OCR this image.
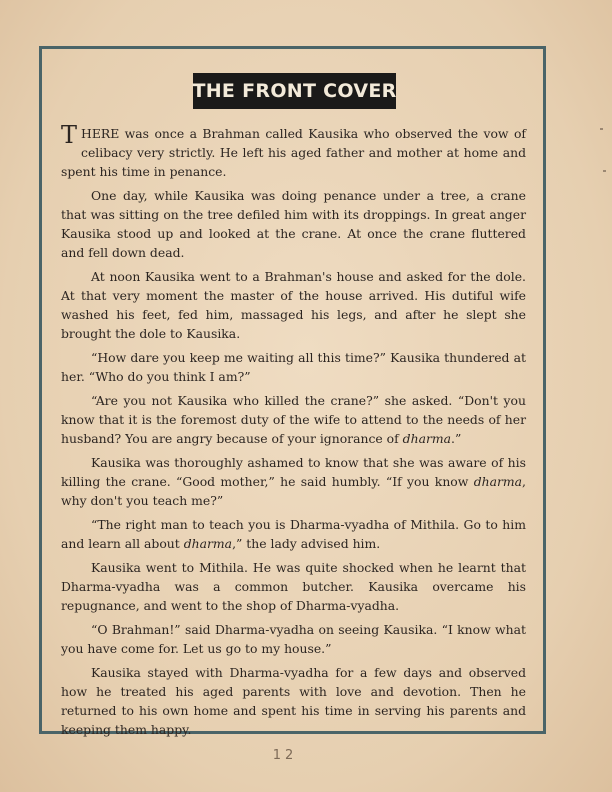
THE FRONT COVER

THERE was once a Brahman called Kausika who observed the vow of celibacy very strictly. He left his aged father and mother at home and spent his time in penance.

One day, while Kausika was doing penance under a tree, a crane that was sitting on the tree defiled him with its droppings. In great anger Kausika stood up and looked at the crane. At once the crane fluttered and fell down dead.

At noon Kausika went to a Brahman's house and asked for the dole. At that very moment the master of the house arrived. His dutiful wife washed his feet, fed him, massaged his legs, and after he slept she brought the dole to Kausika.

“How dare you keep me waiting all this time?” Kausika thundered at her. “Who do you think I am?”

“Are you not Kausika who killed the crane?” she asked. “Don't you know that it is the foremost duty of the wife to attend to the needs of her husband? You are angry because of your ignorance of dharma.”

Kausika was thoroughly ashamed to know that she was aware of his killing the crane. “Good mother,” he said humbly. “If you know dharma, why don't you teach me?”

“The right man to teach you is Dharma-vyadha of Mithila. Go to him and learn all about dharma,” the lady advised him.

Kausika went to Mithila. He was quite shocked when he learnt that Dharma-vyadha was a common butcher. Kausika overcame his repugnance, and went to the shop of Dharma-vyadha.

“O Brahman!” said Dharma-vyadha on seeing Kausika. “I know what you have come for. Let us go to my house.”

Kausika stayed with Dharma-vyadha for a few days and observed how he treated his aged parents with love and devotion. Then he returned to his own home and spent his time in serving his parents and keeping them happy.

12
